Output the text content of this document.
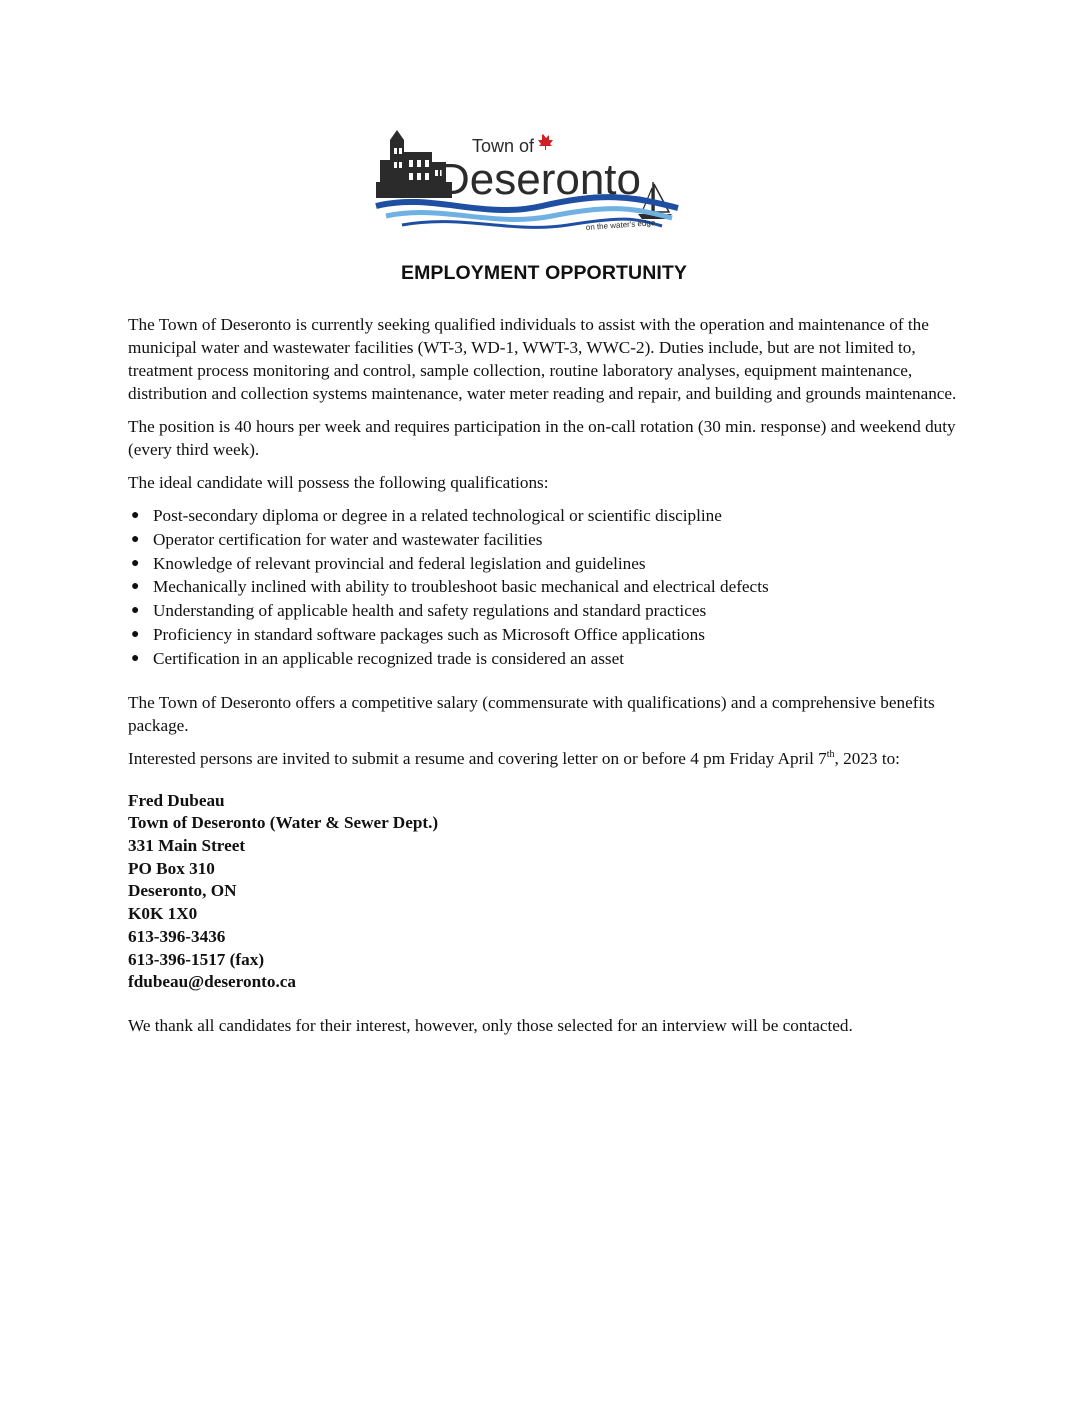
Town of
Deseronto
on the water's edge
EMPLOYMENT OPPORTUNITY

The Town of Deseronto is currently seeking qualified individuals to assist with the operation and maintenance of the municipal water and wastewater facilities (WT-3, WD-1, WWT-3, WWC-2). Duties include, but are not limited to, treatment process monitoring and control, sample collection, routine laboratory analyses, equipment maintenance, distribution and collection systems maintenance, water meter reading and repair, and building and grounds maintenance.

The position is 40 hours per week and requires participation in the on-call rotation (30 min. response) and weekend duty (every third week).

The ideal candidate will possess the following qualifications:

● Post-secondary diploma or degree in a related technological or scientific discipline
● Operator certification for water and wastewater facilities
● Knowledge of relevant provincial and federal legislation and guidelines
● Mechanically inclined with ability to troubleshoot basic mechanical and electrical defects
● Understanding of applicable health and safety regulations and standard practices
● Proficiency in standard software packages such as Microsoft Office applications
● Certification in an applicable recognized trade is considered an asset

The Town of Deseronto offers a competitive salary (commensurate with qualifications) and a comprehensive benefits package.

Interested persons are invited to submit a resume and covering letter on or before 4 pm Friday April 7th, 2023 to:

Fred Dubeau
Town of Deseronto (Water & Sewer Dept.)
331 Main Street
PO Box 310
Deseronto, ON
K0K 1X0
613-396-3436
613-396-1517 (fax)
fdubeau@deseronto.ca

We thank all candidates for their interest, however, only those selected for an interview will be contacted.
